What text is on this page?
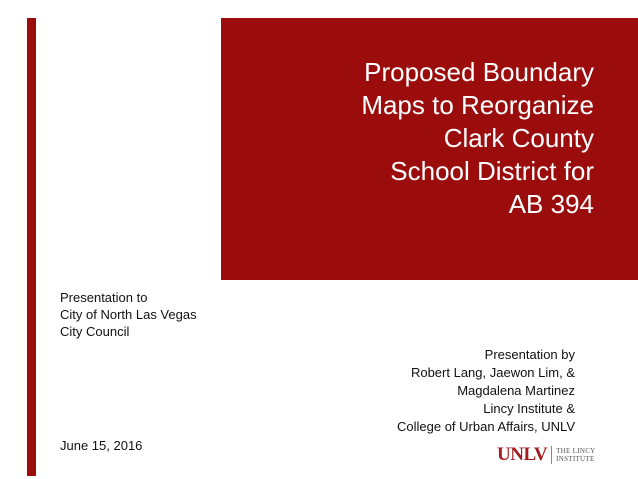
Proposed Boundary
Maps to Reorganize
Clark County
School District for
AB 394
Presentation to
City of North Las Vegas
City Council
Presentation by
Robert Lang, Jaewon Lim, &
Magdalena Martinez
Lincy Institute &
College of Urban Affairs, UNLV
June 15, 2016	UNLV THE LINCY
INSTITUTE
